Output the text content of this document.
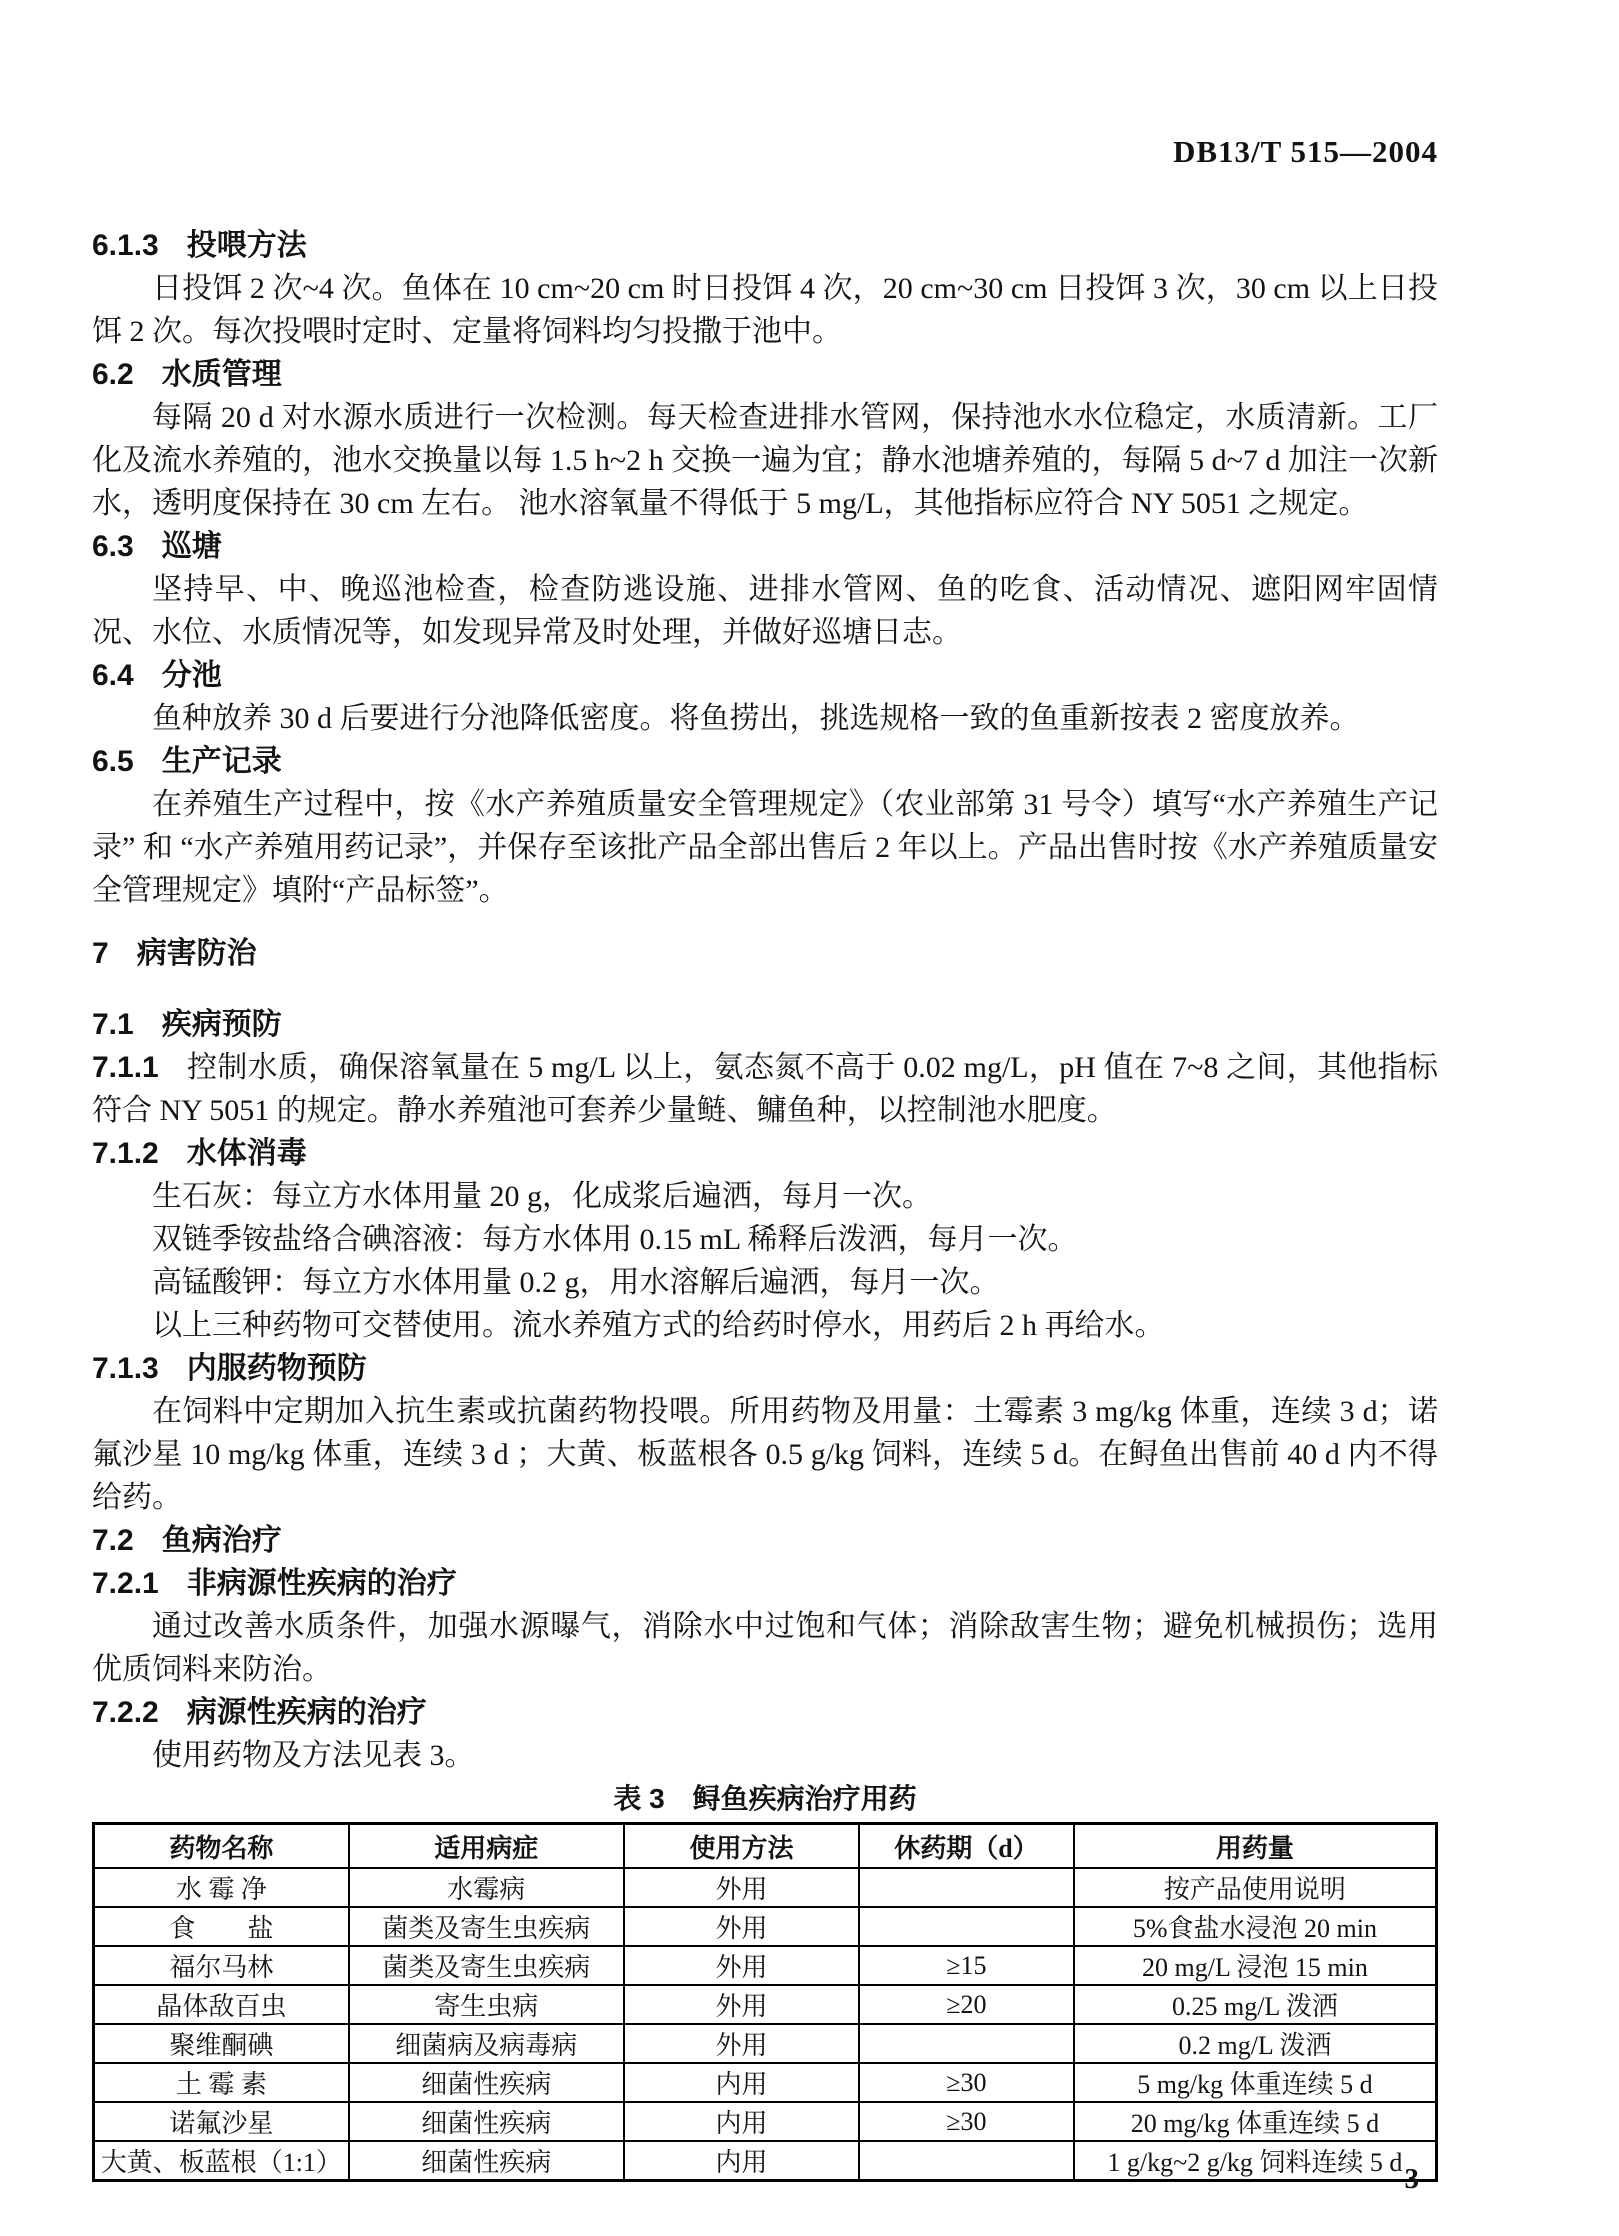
DB13/T 515—2004

6.1.3 投喂方法

日投饵 2 次~4 次。鱼体在 10 cm~20 cm 时日投饵 4 次，20 cm~30 cm 日投饵 3 次，30 cm 以上日投饵 2 次。每次投喂时定时、定量将饲料均匀投撒于池中。

6.2 水质管理

每隔 20 d 对水源水质进行一次检测。每天检查进排水管网，保持池水水位稳定，水质清新。工厂化及流水养殖的，池水交换量以每 1.5 h~2 h 交换一遍为宜；静水池塘养殖的，每隔 5 d~7 d 加注一次新水，透明度保持在 30 cm 左右。 池水溶氧量不得低于 5 mg/L，其他指标应符合 NY 5051 之规定。

6.3 巡塘

坚持早、中、晚巡池检查，检查防逃设施、进排水管网、鱼的吃食、活动情况、遮阳网牢固情况、水位、水质情况等，如发现异常及时处理，并做好巡塘日志。

6.4 分池

鱼种放养 30 d 后要进行分池降低密度。将鱼捞出，挑选规格一致的鱼重新按表 2 密度放养。

6.5 生产记录

在养殖生产过程中，按《水产养殖质量安全管理规定》（农业部第 31 号令）填写“水产养殖生产记录” 和 “水产养殖用药记录”，并保存至该批产品全部出售后 2 年以上。产品出售时按《水产养殖质量安全管理规定》填附“产品标签”。

7 病害防治
7.1 疾病预防

7.1.1 控制水质，确保溶氧量在 5 mg/L 以上，氨态氮不高于 0.02 mg/L，pH 值在 7~8 之间，其他指标符合 NY 5051 的规定。静水养殖池可套养少量鲢、鳙鱼种，以控制池水肥度。

7.1.2 水体消毒

生石灰：每立方水体用量 20 g，化成浆后遍洒，每月一次。

双链季铵盐络合碘溶液：每方水体用 0.15 mL 稀释后泼洒，每月一次。

高锰酸钾：每立方水体用量 0.2 g，用水溶解后遍洒，每月一次。

以上三种药物可交替使用。流水养殖方式的给药时停水，用药后 2 h 再给水。

7.1.3 内服药物预防

在饲料中定期加入抗生素或抗菌药物投喂。所用药物及用量：土霉素 3 mg/kg 体重，连续 3 d；诺氟沙星 10 mg/kg 体重，连续 3 d ；大黄、板蓝根各 0.5 g/kg 饲料，连续 5 d。在鲟鱼出售前 40 d 内不得给药。

7.2 鱼病治疗
7.2.1 非病源性疾病的治疗

通过改善水质条件，加强水源曝气，消除水中过饱和气体；消除敌害生物；避免机械损伤；选用优质饲料来防治。

7.2.2 病源性疾病的治疗

使用药物及方法见表 3。

表 3　鲟鱼疾病治疗用药

药物名称	适用病症	使用方法	休药期（d）	用药量
水 霉 净	水霉病	外用		按产品使用说明
食　　盐	菌类及寄生虫疾病	外用		5%食盐水浸泡 20 min
福尔马林	菌类及寄生虫疾病	外用	≥15	20 mg/L 浸泡 15 min
晶体敌百虫	寄生虫病	外用	≥20	0.25 mg/L 泼洒
聚维酮碘	细菌病及病毒病	外用		0.2 mg/L 泼洒
土 霉 素	细菌性疾病	内用	≥30	5 mg/kg 体重连续 5 d
诺氟沙星	细菌性疾病	内用	≥30	20 mg/kg 体重连续 5 d
大黄、板蓝根（1:1）	细菌性疾病	内用		1 g/kg~2 g/kg 饲料连续 5 d
3
